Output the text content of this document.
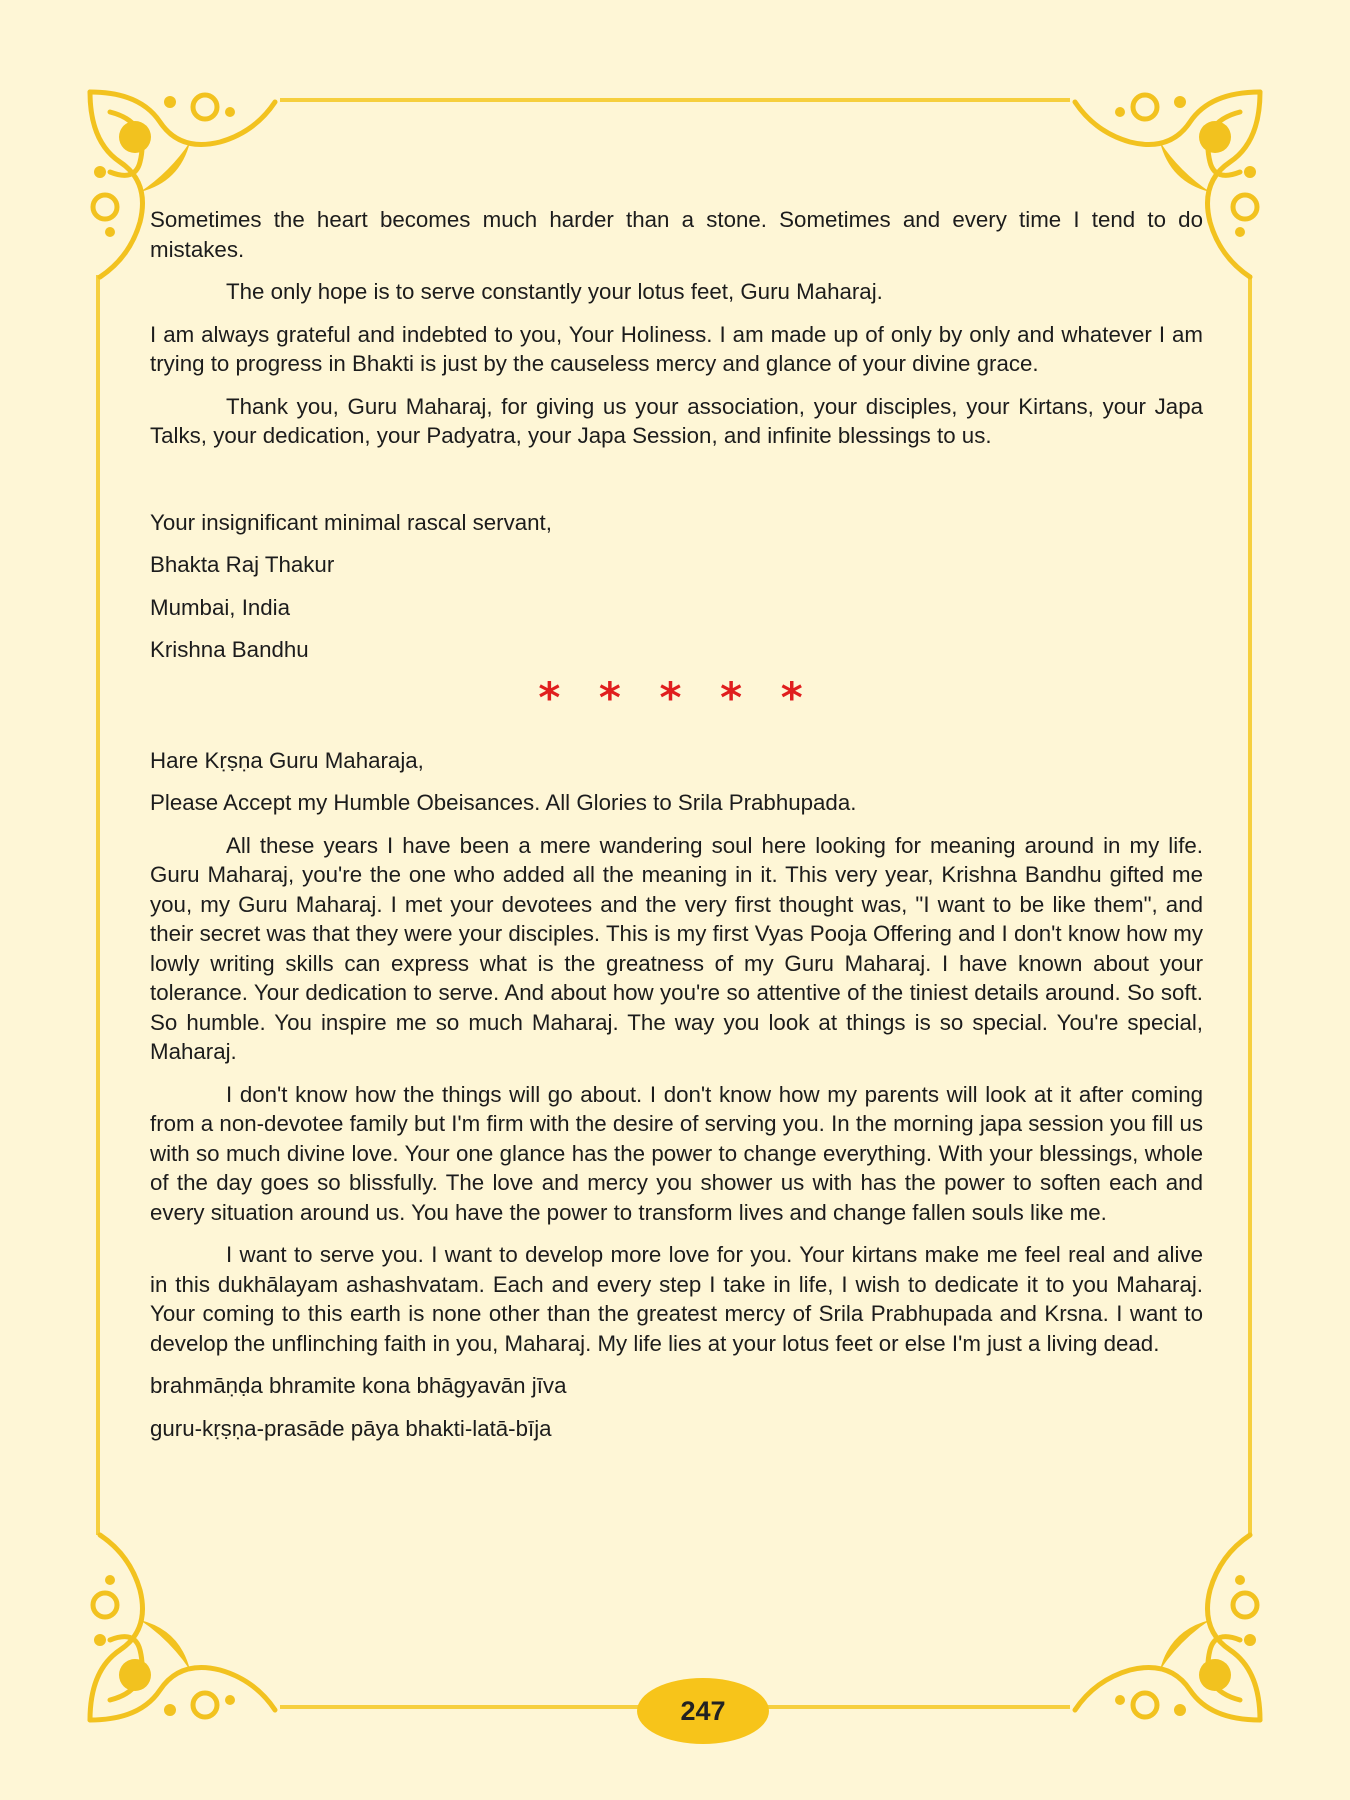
Sometimes the heart becomes much harder than a stone. Sometimes and every time I tend to do mistakes.

The only hope is to serve constantly your lotus feet, Guru Maharaj.

I am always grateful and indebted to you, Your Holiness. I am made up of only by only and whatever I am trying to progress in Bhakti is just by the causeless mercy and glance of your divine grace.

Thank you, Guru Maharaj, for giving us your association, your disciples, your Kirtans, your Japa Talks, your dedication, your Padyatra, your Japa Session, and infinite blessings to us.

Your insignificant minimal rascal servant,

Bhakta Raj Thakur

Mumbai, India

Krishna Bandhu

* * * * *

Hare Kṛṣṇa Guru Maharaja,

Please Accept my Humble Obeisances. All Glories to Srila Prabhupada.

All these years I have been a mere wandering soul here looking for meaning around in my life. Guru Maharaj, you're the one who added all the meaning in it. This very year, Krishna Bandhu gifted me you, my Guru Maharaj. I met your devotees and the very first thought was, "I want to be like them", and their secret was that they were your disciples. This is my first Vyas Pooja Offering and I don't know how my lowly writing skills can express what is the greatness of my Guru Maharaj. I have known about your tolerance. Your dedication to serve. And about how you're so attentive of the tiniest details around. So soft. So humble. You inspire me so much Maharaj. The way you look at things is so special. You're special, Maharaj.

I don't know how the things will go about. I don't know how my parents will look at it after coming from a non-devotee family but I'm firm with the desire of serving you. In the morning japa session you fill us with so much divine love. Your one glance has the power to change everything. With your blessings, whole of the day goes so blissfully. The love and mercy you shower us with has the power to soften each and every situation around us. You have the power to transform lives and change fallen souls like me.

I want to serve you. I want to develop more love for you. Your kirtans make me feel real and alive in this dukhālayam ashashvatam. Each and every step I take in life, I wish to dedicate it to you Maharaj. Your coming to this earth is none other than the greatest mercy of Srila Prabhupada and Krsna. I want to develop the unflinching faith in you, Maharaj. My life lies at your lotus feet or else I'm just a living dead.

brahmāṇḍa bhramite kona bhāgyavān jīva

guru-kṛṣṇa-prasāde pāya bhakti-latā-bīja

247
